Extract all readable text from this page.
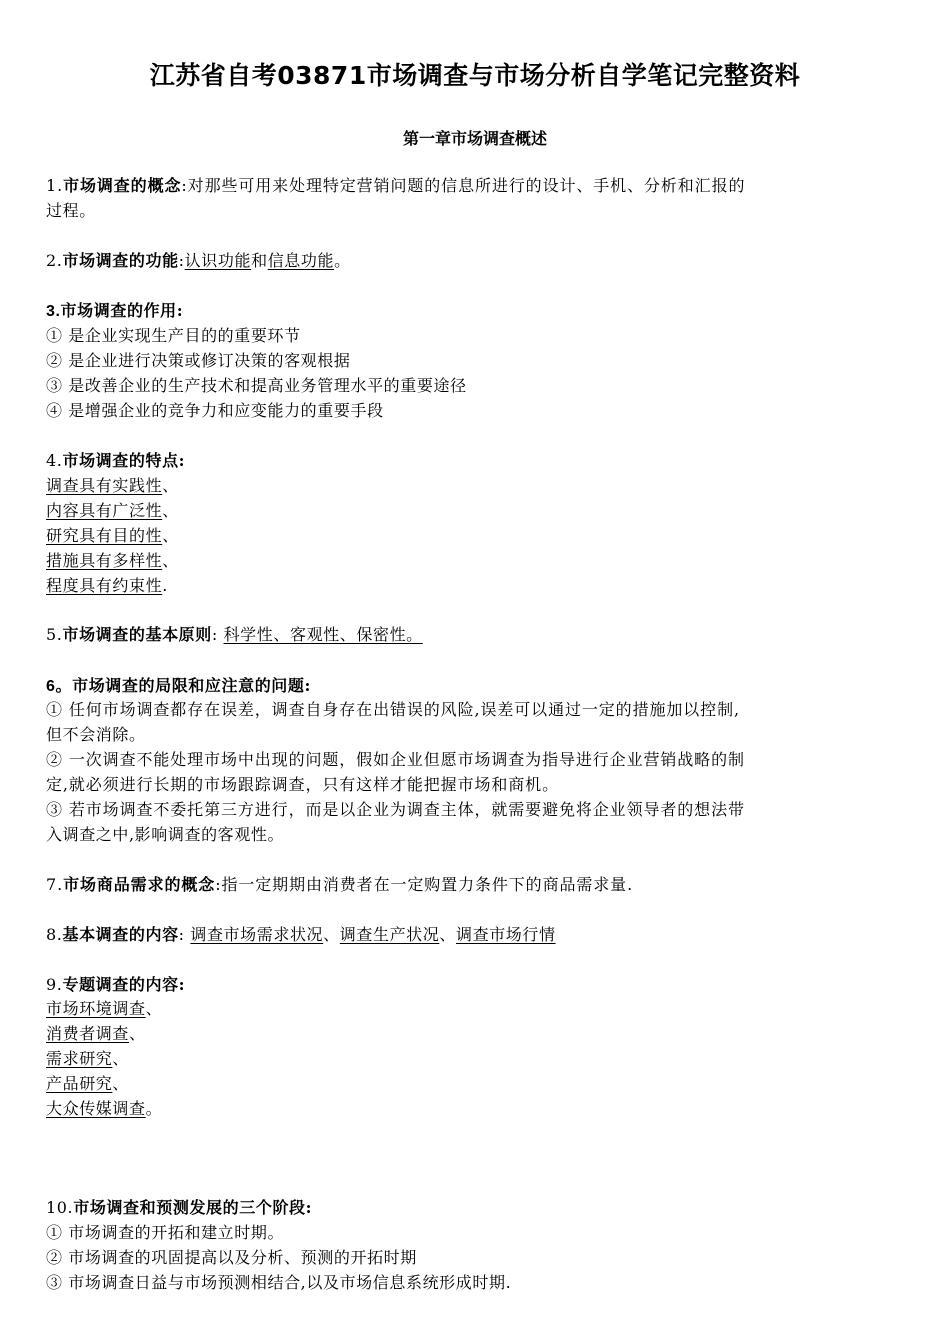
江苏省自考03871市场调查与市场分析自学笔记完整资料
第一章市场调查概述
1.市场调查的概念:对那些可用来处理特定营销问题的信息所进行的设计、手机、分析和汇报的
过程。
2.市场调查的功能:认识功能和信息功能。
3.市场调查的作用:
① 是企业实现生产目的的重要环节
② 是企业进行决策或修订决策的客观根据
③ 是改善企业的生产技术和提高业务管理水平的重要途径
④ 是增强企业的竞争力和应变能力的重要手段
4.市场调查的特点:
调查具有实践性、
内容具有广泛性、
研究具有目的性、
措施具有多样性、
程度具有约束性.
5.市场调查的基本原则: 科学性、客观性、保密性。
6。市场调查的局限和应注意的问题:
① 任何市场调查都存在误差，调查自身存在出错误的风险,误差可以通过一定的措施加以控制,
但不会消除。
② 一次调查不能处理市场中出现的问题，假如企业但愿市场调查为指导进行企业营销战略的制
定,就必须进行长期的市场跟踪调查，只有这样才能把握市场和商机。
③ 若市场调查不委托第三方进行，而是以企业为调查主体，就需要避免将企业领导者的想法带
入调查之中,影响调查的客观性。
7.市场商品需求的概念:指一定期期由消费者在一定购置力条件下的商品需求量.
8.基本调查的内容: 调查市场需求状况、调查生产状况、调查市场行情
9.专题调查的内容:
市场环境调查、
消费者调查、
需求研究、
产品研究、
大众传媒调查。
10.市场调查和预测发展的三个阶段:
① 市场调查的开拓和建立时期。
② 市场调查的巩固提高以及分析、预测的开拓时期
③ 市场调查日益与市场预测相结合,以及市场信息系统形成时期.
